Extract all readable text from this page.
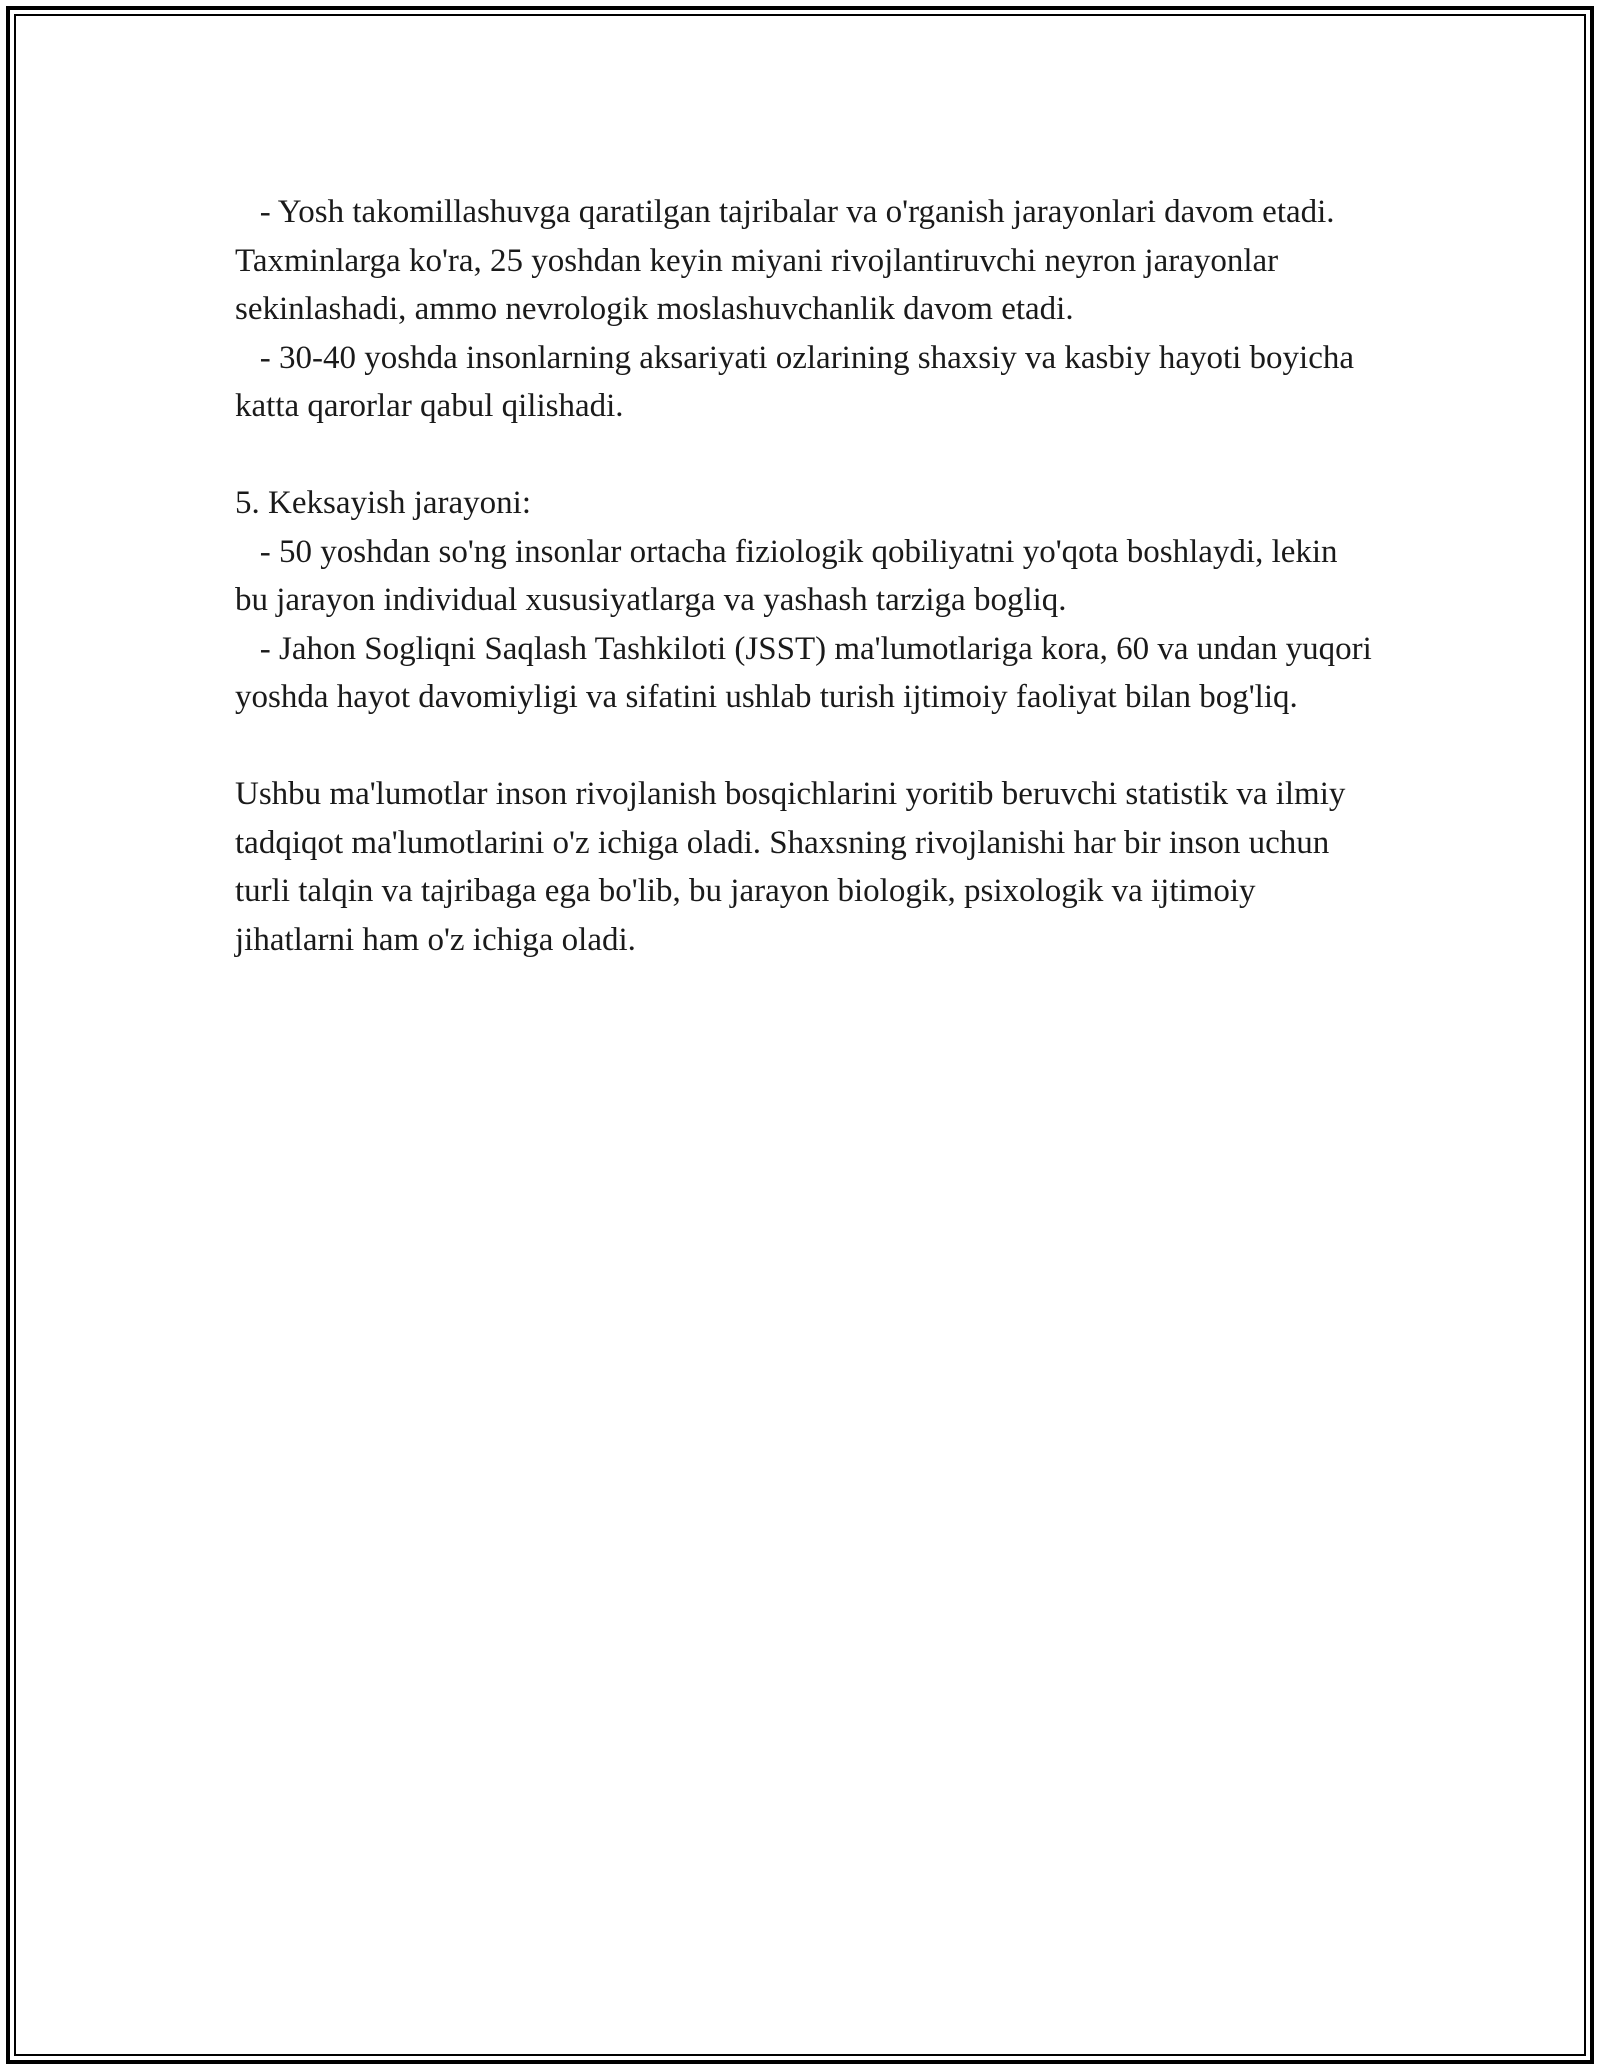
- Yosh takomillashuvga qaratilgan tajribalar va o'rganish jarayonlari davom etadi. Taxminlarga ko'ra, 25 yoshdan keyin miyani rivojlantiruvchi neyron jarayonlar sekinlashadi, ammo nevrologik moslashuvchanlik davom etadi.

- 30-40 yoshda insonlarning aksariyati ozlarining shaxsiy va kasbiy hayoti boyicha katta qarorlar qabul qilishadi.

5. Keksayish jarayoni:

- 50 yoshdan so'ng insonlar ortacha fiziologik qobiliyatni yo'qota boshlaydi, lekin bu jarayon individual xususiyatlarga va yashash tarziga bogliq.

- Jahon Sogliqni Saqlash Tashkiloti (JSST) ma'lumotlariga kora, 60 va undan yuqori yoshda hayot davomiyligi va sifatini ushlab turish ijtimoiy faoliyat bilan bog'liq.

Ushbu ma'lumotlar inson rivojlanish bosqichlarini yoritib beruvchi statistik va ilmiy tadqiqot ma'lumotlarini o'z ichiga oladi. Shaxsning rivojlanishi har bir inson uchun turli talqin va tajribaga ega bo'lib, bu jarayon biologik, psixologik va ijtimoiy jihatlarni ham o'z ichiga oladi.
